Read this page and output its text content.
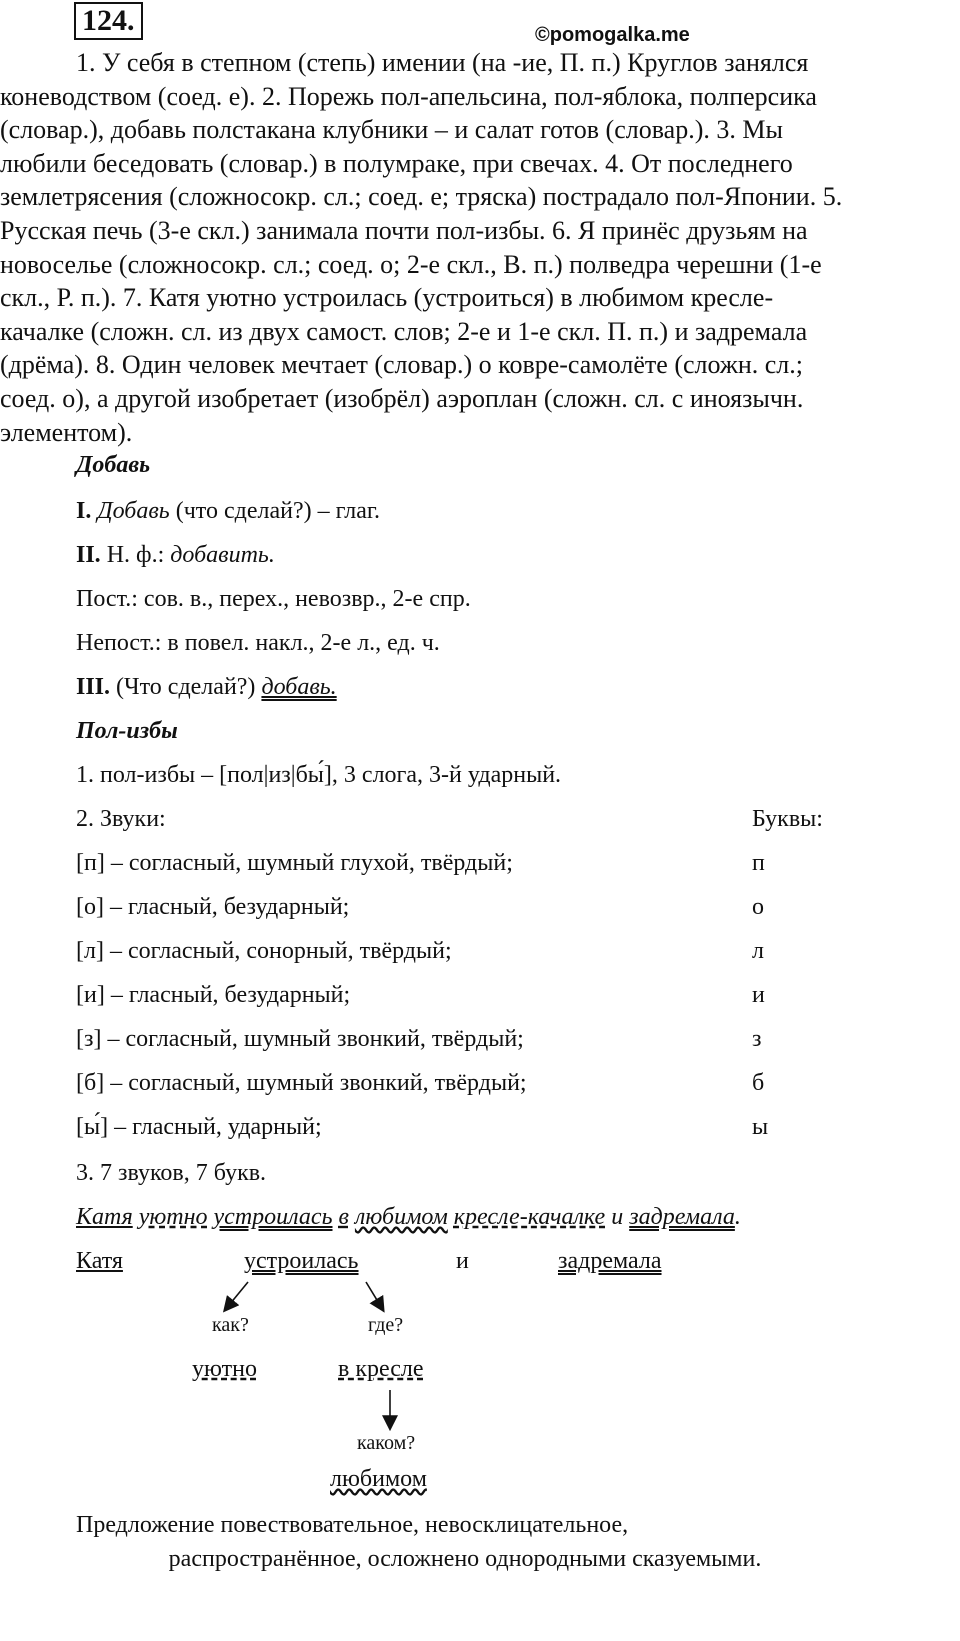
124.	©pomogalka.me
1. У себя в степном (степь) имении (на -ие, П. п.) Круглов занялся
коневодством (соед. е). 2. Порежь пол-апельсина, пол-яблока, полперсика
(словар.), добавь полстакана клубники – и салат готов (словар.). 3. Мы
любили беседовать (словар.) в полумраке, при свечах. 4. От последнего
землетрясения (сложносокр. сл.; соед. е; тряска) пострадало пол-Японии. 5.
Русская печь (3-е скл.) занимала почти пол-избы. 6. Я принёс друзьям на
новоселье (сложносокр. сл.; соед. о; 2-е скл., В. п.) полведра черешни (1-е
скл., Р. п.). 7. Катя уютно устроилась (устроиться) в любимом кресле-
качалке (сложн. сл. из двух самост. слов; 2-е и 1-е скл. П. п.) и задремала
(дрёма). 8. Один человек мечтает (словар.) о ковре-самолёте (сложн. сл.;
соед. о), а другой изобретает (изобрёл) аэроплан (сложн. сл. с иноязычн.
элементом).
Добавь
I. Добавь (что сделай?) – глаг.
II. Н. ф.: добавить.
Пост.: сов. в., перех., невозвр., 2-е спр.
Непост.: в повел. накл., 2-е л., ед. ч.
III. (Что сделай?) добавь.
Пол-избы
1. пол-избы – [пол|из|бы́], 3 слога, 3-й ударный.
2. Звуки:	Буквы:
[п] – согласный, шумный глухой, твёрдый;	п
[о] – гласный, безударный;	о
[л] – согласный, сонорный, твёрдый;	л
[и] – гласный, безударный;	и
[з] – согласный, шумный звонкий, твёрдый;	з
[б] – согласный, шумный звонкий, твёрдый;	б
[ы́] – гласный, ударный;	ы
3. 7 звуков, 7 букв.
Катя уютно устроилась в любимом кресле-качалке и задремала.
Катя	устроилась	и	задремала
как?	где?
уютно	в кресле
каком?
любимом
Предложение повествовательное, невосклицательное,
распространённое, осложнено однородными сказуемыми.
